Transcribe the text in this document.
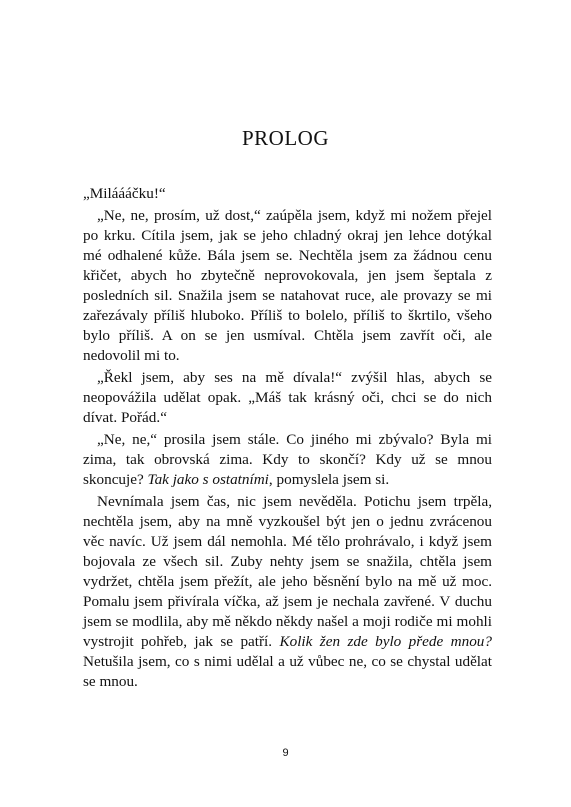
PROLOG

„Miláááčku!“

„Ne, ne, prosím, už dost,“ zaúpěla jsem, když mi nožem přejel po krku. Cítila jsem, jak se jeho chladný okraj jen lehce dotýkal mé odhalené kůže. Bála jsem se. Nechtěla jsem za žádnou cenu křičet, abych ho zbytečně neprovokovala, jen jsem šeptala z posledních sil. Snažila jsem se natahovat ruce, ale provazy se mi zařezávaly příliš hluboko. Příliš to bolelo, příliš to škrtilo, všeho bylo příliš. A on se jen usmíval. Chtěla jsem zavřít oči, ale nedovolil mi to.

„Řekl jsem, aby ses na mě dívala!“ zvýšil hlas, abych se neopovážila udělat opak. „Máš tak krásný oči, chci se do nich dívat. Pořád.“

„Ne, ne,“ prosila jsem stále. Co jiného mi zbývalo? Byla mi zima, tak obrovská zima. Kdy to skončí? Kdy už se mnou skoncuje? Tak jako s ostatními, pomyslela jsem si.

Nevnímala jsem čas, nic jsem nevěděla. Potichu jsem trpěla, nechtěla jsem, aby na mně vyzkoušel být jen o jednu zvrácenou věc navíc. Už jsem dál nemohla. Mé tělo prohrávalo, i když jsem bojovala ze všech sil. Zuby nehty jsem se snažila, chtěla jsem vydržet, chtěla jsem přežít, ale jeho běsnění bylo na mě už moc. Pomalu jsem přivírala víčka, až jsem je nechala zavřené. V duchu jsem se modlila, aby mě někdo někdy našel a moji rodiče mi mohli vystrojit pohřeb, jak se patří. Kolik žen zde bylo přede mnou? Netušila jsem, co s nimi udělal a už vůbec ne, co se chystal udělat se mnou.

9
